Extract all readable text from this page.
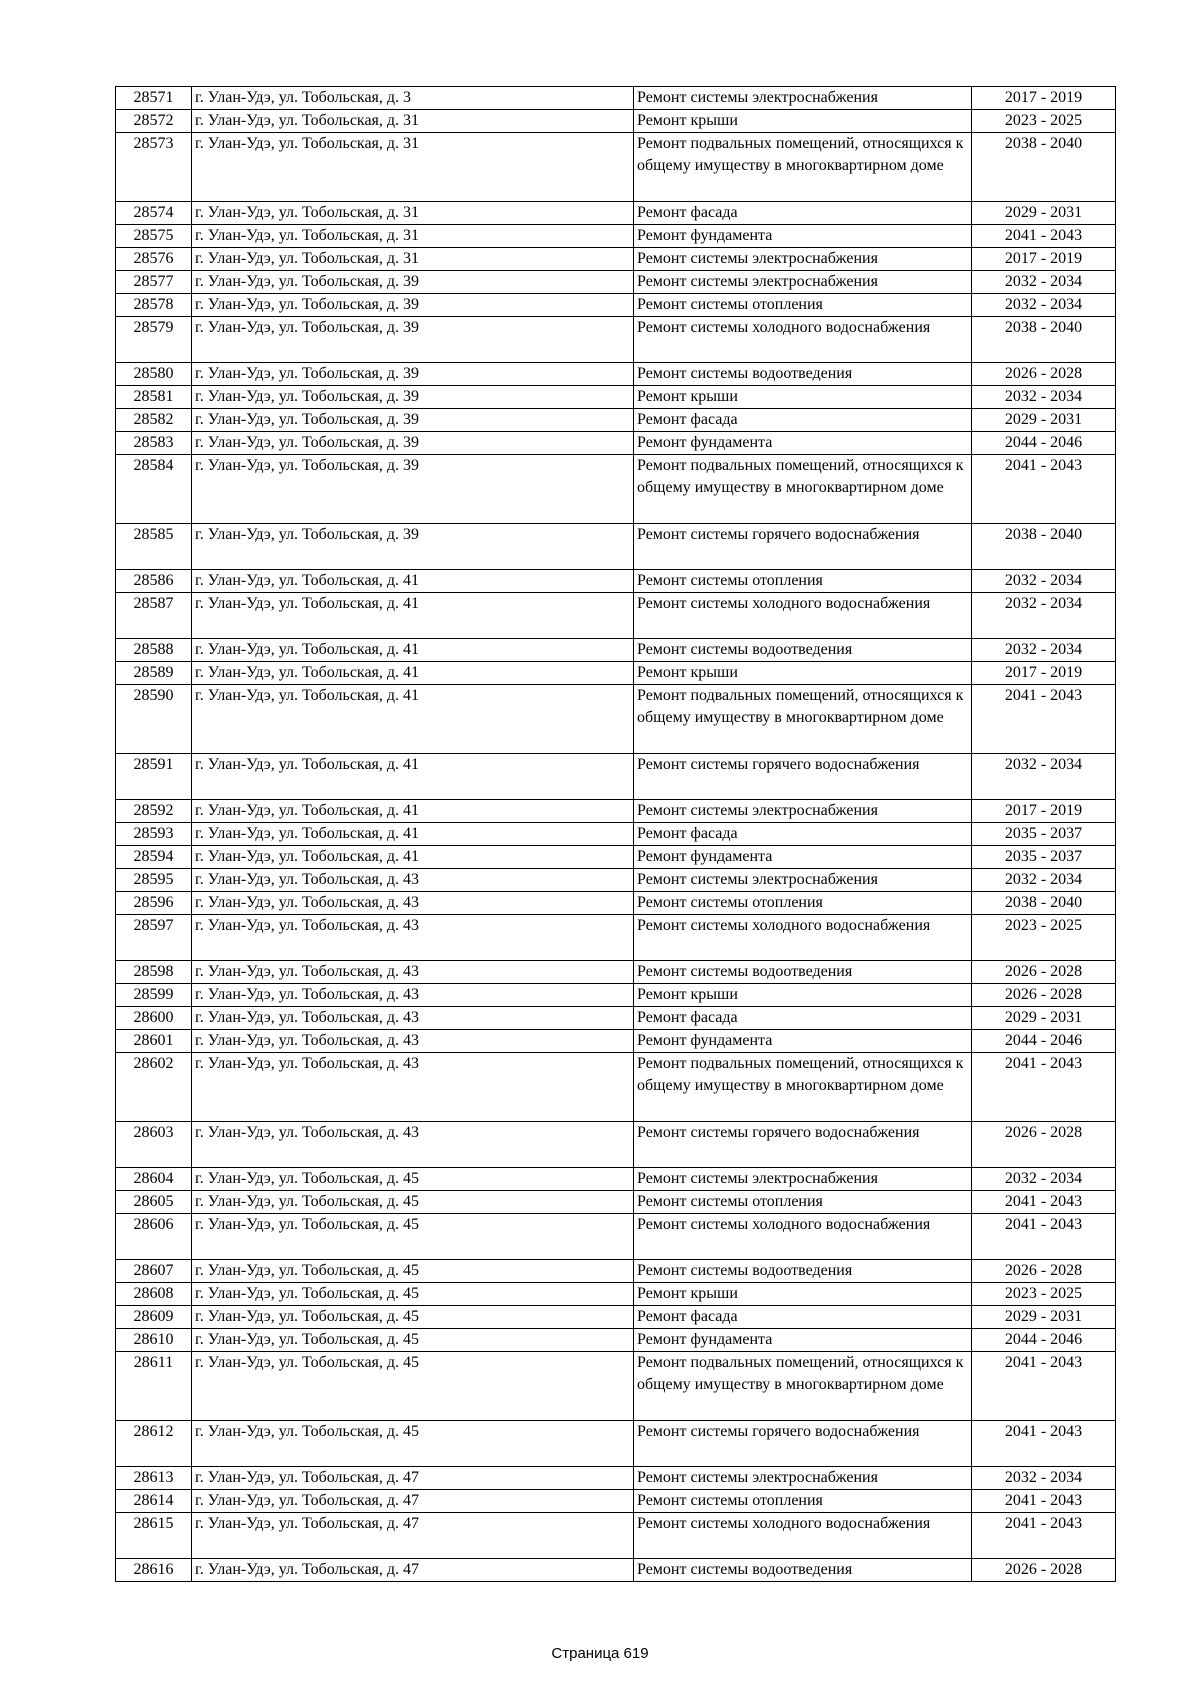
28571	г. Улан-Удэ, ул. Тобольская, д. 3	Ремонт системы электроснабжения	2017 - 2019
28572	г. Улан-Удэ, ул. Тобольская, д. 31	Ремонт крыши	2023 - 2025
28573	г. Улан-Удэ, ул. Тобольская, д. 31	Ремонт подвальных помещений, относящихся к общему имуществу в многоквартирном доме	2038 - 2040
28574	г. Улан-Удэ, ул. Тобольская, д. 31	Ремонт фасада	2029 - 2031
28575	г. Улан-Удэ, ул. Тобольская, д. 31	Ремонт фундамента	2041 - 2043
28576	г. Улан-Удэ, ул. Тобольская, д. 31	Ремонт системы электроснабжения	2017 - 2019
28577	г. Улан-Удэ, ул. Тобольская, д. 39	Ремонт системы электроснабжения	2032 - 2034
28578	г. Улан-Удэ, ул. Тобольская, д. 39	Ремонт системы отопления	2032 - 2034
28579	г. Улан-Удэ, ул. Тобольская, д. 39	Ремонт системы холодного водоснабжения	2038 - 2040
28580	г. Улан-Удэ, ул. Тобольская, д. 39	Ремонт системы водоотведения	2026 - 2028
28581	г. Улан-Удэ, ул. Тобольская, д. 39	Ремонт крыши	2032 - 2034
28582	г. Улан-Удэ, ул. Тобольская, д. 39	Ремонт фасада	2029 - 2031
28583	г. Улан-Удэ, ул. Тобольская, д. 39	Ремонт фундамента	2044 - 2046
28584	г. Улан-Удэ, ул. Тобольская, д. 39	Ремонт подвальных помещений, относящихся к общему имуществу в многоквартирном доме	2041 - 2043
28585	г. Улан-Удэ, ул. Тобольская, д. 39	Ремонт системы горячего водоснабжения	2038 - 2040
28586	г. Улан-Удэ, ул. Тобольская, д. 41	Ремонт системы отопления	2032 - 2034
28587	г. Улан-Удэ, ул. Тобольская, д. 41	Ремонт системы холодного водоснабжения	2032 - 2034
28588	г. Улан-Удэ, ул. Тобольская, д. 41	Ремонт системы водоотведения	2032 - 2034
28589	г. Улан-Удэ, ул. Тобольская, д. 41	Ремонт крыши	2017 - 2019
28590	г. Улан-Удэ, ул. Тобольская, д. 41	Ремонт подвальных помещений, относящихся к общему имуществу в многоквартирном доме	2041 - 2043
28591	г. Улан-Удэ, ул. Тобольская, д. 41	Ремонт системы горячего водоснабжения	2032 - 2034
28592	г. Улан-Удэ, ул. Тобольская, д. 41	Ремонт системы электроснабжения	2017 - 2019
28593	г. Улан-Удэ, ул. Тобольская, д. 41	Ремонт фасада	2035 - 2037
28594	г. Улан-Удэ, ул. Тобольская, д. 41	Ремонт фундамента	2035 - 2037
28595	г. Улан-Удэ, ул. Тобольская, д. 43	Ремонт системы электроснабжения	2032 - 2034
28596	г. Улан-Удэ, ул. Тобольская, д. 43	Ремонт системы отопления	2038 - 2040
28597	г. Улан-Удэ, ул. Тобольская, д. 43	Ремонт системы холодного водоснабжения	2023 - 2025
28598	г. Улан-Удэ, ул. Тобольская, д. 43	Ремонт системы водоотведения	2026 - 2028
28599	г. Улан-Удэ, ул. Тобольская, д. 43	Ремонт крыши	2026 - 2028
28600	г. Улан-Удэ, ул. Тобольская, д. 43	Ремонт фасада	2029 - 2031
28601	г. Улан-Удэ, ул. Тобольская, д. 43	Ремонт фундамента	2044 - 2046
28602	г. Улан-Удэ, ул. Тобольская, д. 43	Ремонт подвальных помещений, относящихся к общему имуществу в многоквартирном доме	2041 - 2043
28603	г. Улан-Удэ, ул. Тобольская, д. 43	Ремонт системы горячего водоснабжения	2026 - 2028
28604	г. Улан-Удэ, ул. Тобольская, д. 45	Ремонт системы электроснабжения	2032 - 2034
28605	г. Улан-Удэ, ул. Тобольская, д. 45	Ремонт системы отопления	2041 - 2043
28606	г. Улан-Удэ, ул. Тобольская, д. 45	Ремонт системы холодного водоснабжения	2041 - 2043
28607	г. Улан-Удэ, ул. Тобольская, д. 45	Ремонт системы водоотведения	2026 - 2028
28608	г. Улан-Удэ, ул. Тобольская, д. 45	Ремонт крыши	2023 - 2025
28609	г. Улан-Удэ, ул. Тобольская, д. 45	Ремонт фасада	2029 - 2031
28610	г. Улан-Удэ, ул. Тобольская, д. 45	Ремонт фундамента	2044 - 2046
28611	г. Улан-Удэ, ул. Тобольская, д. 45	Ремонт подвальных помещений, относящихся к общему имуществу в многоквартирном доме	2041 - 2043
28612	г. Улан-Удэ, ул. Тобольская, д. 45	Ремонт системы горячего водоснабжения	2041 - 2043
28613	г. Улан-Удэ, ул. Тобольская, д. 47	Ремонт системы электроснабжения	2032 - 2034
28614	г. Улан-Удэ, ул. Тобольская, д. 47	Ремонт системы отопления	2041 - 2043
28615	г. Улан-Удэ, ул. Тобольская, д. 47	Ремонт системы холодного водоснабжения	2041 - 2043
28616	г. Улан-Удэ, ул. Тобольская, д. 47	Ремонт системы водоотведения	2026 - 2028
Страница 619
